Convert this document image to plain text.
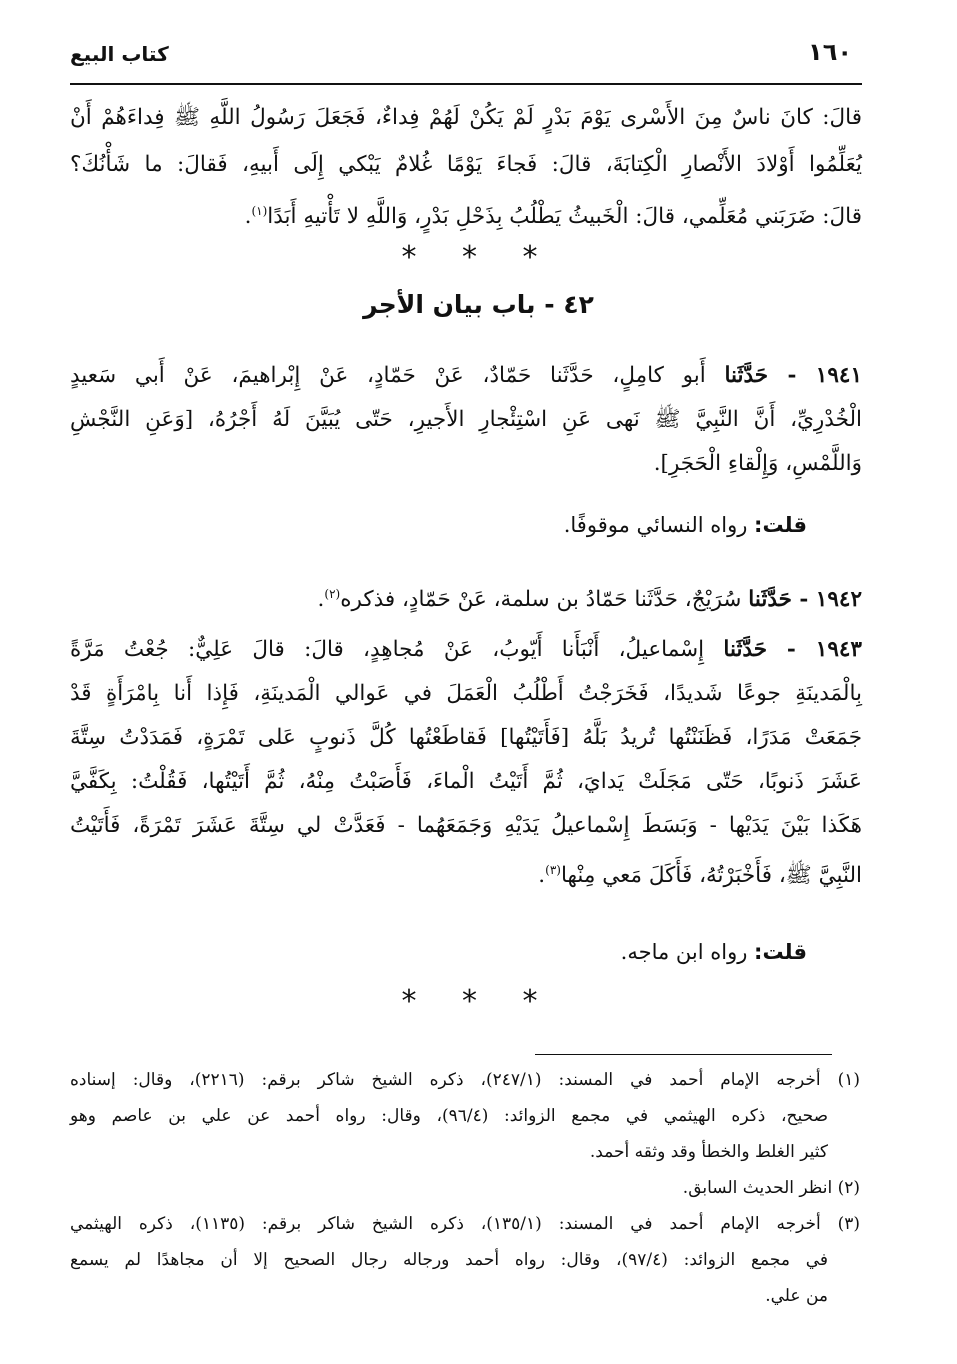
كتاب البيع	١٦٠
قالَ: كانَ ناسٌ مِنَ الأَسْرى يَوْمَ بَدْرٍ لَمْ يَكُنْ لَهُمْ فِداءٌ، فَجَعَلَ رَسُولُ اللَّهِ ﷺ فِداءَهُمْ أَنْ
يُعَلِّمُوا أَوْلادَ الأَنْصارِ الْكِتابَةَ، قالَ: فَجاءَ يَوْمًا غُلامٌ يَبْكي إِلَى أَبيهِ، فَقالَ: ما شَأْنُكَ؟
قالَ: ضَرَبَني مُعَلِّمي، قالَ: الْخَبيثُ يَطْلُبُ بِذَحْلِ بَدْرٍ، وَاللَّهِ لا تَأْتيهِ أَبَدًا$^{(١)}$.
* * *
٤٢ - باب بيان الأجر
١٩٤١ - حَدَّثَنا أَبو كامِلٍ، حَدَّثَنا حَمّادٌ، عَنْ حَمّادٍ، عَنْ إِبْراهيمَ، عَنْ أَبي سَعيدٍ
الْخُدْرِيِّ، أَنَّ النَّبِيَّ ﷺ نَهى عَنِ اسْتِئْجارِ الأَجيرِ، حَتّى يُبَيَّنَ لَهُ أَجْرُهُ، [وَعَنِ النَّجْشِ
وَاللَّمْسِ، وَإِلْقاءِ الْحَجَرِ].
قلت: رواه النسائي موقوفًا.
١٩٤٢ - حَدَّثَنا سُرَيْجٌ، حَدَّثَنا حَمّادُ بن سلمة، عَنْ حَمّادٍ، فذكره$^{(٢)}$.
١٩٤٣ - حَدَّثَنا إِسْماعيلُ، أَنْبَأَنا أَيّوبُ، عَنْ مُجاهِدٍ، قالَ: قالَ عَلِيٌّ: جُعْتُ مَرَّةً
بِالْمَدينَةِ جوعًا شَديدًا، فَخَرَجْتُ أَطْلُبُ الْعَمَلَ في عَوالي الْمَدينَةِ، فَإِذا أَنا بِامْرَأَةٍ قَدْ
جَمَعَتْ مَدَرًا، فَظَنَنْتُها تُريدُ بَلَّهُ [فَأَتَيْتُها] فَقاطَعْتُها كُلَّ ذَنوبٍ عَلى تَمْرَةٍ، فَمَدَدْتُ سِتَّةَ
عَشَرَ ذَنوبًا، حَتّى مَجَلَتْ يَدايَ، ثُمَّ أَتَيْتُ الْماءَ، فَأَصَبْتُ مِنْهُ، ثُمَّ أَتَيْتُها، فَقُلْتُ: بِكَفَّيَّ
هَكَذا بَيْنَ يَدَيْها - وَبَسَطَ إِسْماعيلُ يَدَيْهِ وَجَمَعَهُما - فَعَدَّتْ لي سِتَّةَ عَشَرَ تَمْرَةً، فَأَتَيْتُ
النَّبِيَّ ﷺ، فَأَخْبَرْتُهُ، فَأَكَلَ مَعي مِنْها$^{(٣)}$.
قلت: رواه ابن ماجه.
* * *
(١) أخرجه الإمام أحمد في المسند: (٢٤٧/١)، ذكره الشيخ شاكر برقم: (٢٢١٦)، وقال: إسناده
صحيح، ذكره الهيثمي في مجمع الزوائد: (٩٦/٤)، وقال: رواه أحمد عن علي بن عاصم وهو
كثير الغلط والخطأ وقد وثقه أحمد.
(٢) انظر الحديث السابق.
(٣) أخرجه الإمام أحمد في المسند: (١٣٥/١)، ذكره الشيخ شاكر برقم: (١١٣٥)، ذكره الهيثمي
في مجمع الزوائد: (٩٧/٤)، وقال: رواه أحمد ورجاله رجال الصحيح إلا أن مجاهدًا لم يسمع
من علي.
